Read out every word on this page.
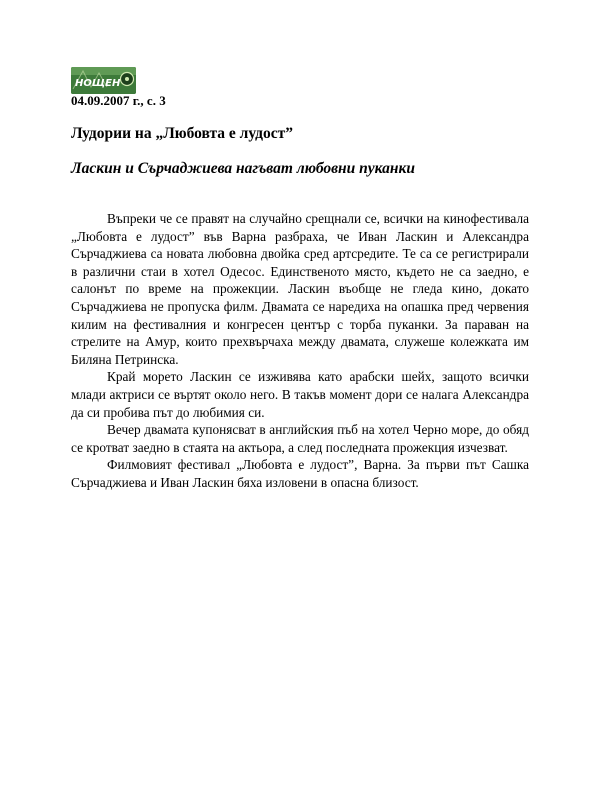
НОЩЕН
04.09.2007 г., с. 3
Лудории на „Любовта е лудост”
Ласкин и Сърчаджиева нагъват любовни пуканки

Въпреки че се правят на случайно срещнали се, всички на кинофестивала „Любовта е лудост” във Варна разбраха, че Иван Ласкин и Александра Сърчаджиева са новата любовна двойка сред артсредите. Те са се регистрирали в различни стаи в хотел Одесос. Единственото място, където не са заедно, е салонът по време на прожекции. Ласкин въобще не гледа кино, докато Сърчаджиева не пропуска филм. Двамата се наредиха на опашка пред червения килим на фестивалния и конгресен център с торба пуканки. За параван на стрелите на Амур, които прехвърчаха между двамата, служеше колежката им Биляна Петринска.

Край морето Ласкин се изживява като арабски шейх, защото всички млади актриси се въртят около него. В такъв момент дори се налага Александра да си пробива път до любимия си.

Вечер двамата купонясват в английския пъб на хотел Черно море, до обяд се кротват заедно в стаята на актьора, а след последната прожекция изчезват.

Филмовият фестивал „Любовта е лудост”, Варна. За първи път Сашка Сърчаджиева и Иван Ласкин бяха изловени в опасна близост.
